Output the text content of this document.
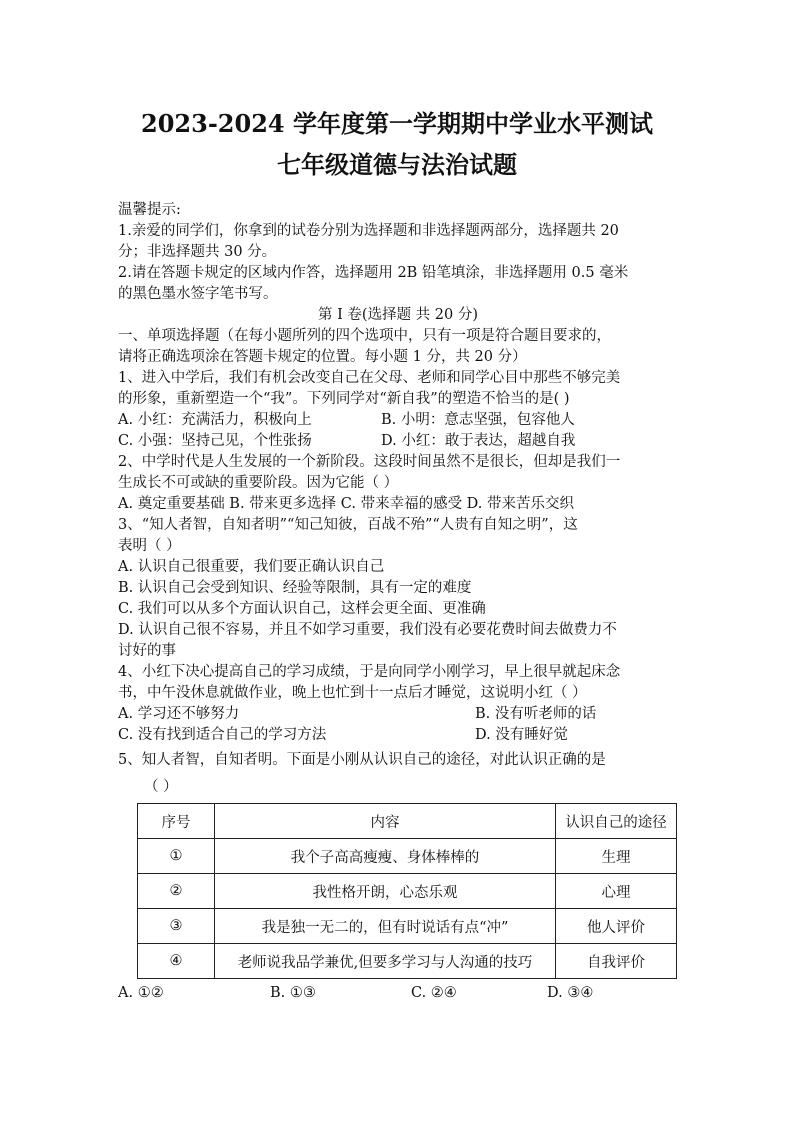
2023-2024 学年度第一学期期中学业水平测试
七年级道德与法治试题
温馨提示:
1.亲爱的同学们，你拿到的试卷分别为选择题和非选择题两部分，选择题共 20
分；非选择题共 30 分。
2.请在答题卡规定的区域内作答，选择题用 2B 铅笔填涂，非选择题用 0.5 毫米
的黑色墨水签字笔书写。
第 I 卷(选择题 共 20 分)
一、单项选择题（在每小题所列的四个选项中，只有一项是符合题目要求的，
请将正确选项涂在答题卡规定的位置。每小题 1 分，共 20 分）
1、进入中学后，我们有机会改变自己在父母、老师和同学心目中那些不够完美
的形象，重新塑造一个“我”。下列同学对“新自我”的塑造不恰当的是( )
A. 小红：充满活力，积极向上	B. 小明：意志坚强，包容他人
C. 小强：坚持己见，个性张扬	D. 小红：敢于表达，超越自我
2、中学时代是人生发展的一个新阶段。这段时间虽然不是很长，但却是我们一
生成长不可或缺的重要阶段。因为它能（ ）
A. 奠定重要基础 B. 带来更多选择 C. 带来幸福的感受 D. 带来苦乐交织
3、“知人者智，自知者明”“知己知彼，百战不殆”“人贵有自知之明”，这
表明（ ）
A. 认识自己很重要，我们要正确认识自己
B. 认识自己会受到知识、经验等限制，具有一定的难度
C. 我们可以从多个方面认识自己，这样会更全面、更准确
D. 认识自己很不容易，并且不如学习重要，我们没有必要花费时间去做费力不
讨好的事
4、小红下决心提高自己的学习成绩，于是向同学小刚学习，早上很早就起床念
书，中午没休息就做作业，晚上也忙到十一点后才睡觉，这说明小红（ ）
A. 学习还不够努力	B. 没有听老师的话
C. 没有找到适合自己的学习方法	D. 没有睡好觉
5、知人者智，自知者明。下面是小刚从认识自己的途径，对此认识正确的是
（ ）
序号	内容	认识自己的途径
①	我个子高高瘦瘦、身体棒棒的	生理
②	我性格开朗，心态乐观	心理
③	我是独一无二的，但有时说话有点“冲”	他人评价
④	老师说我品学兼优,但要多学习与人沟通的技巧	自我评价
A. ①②	B. ①③	C. ②④	D. ③④
